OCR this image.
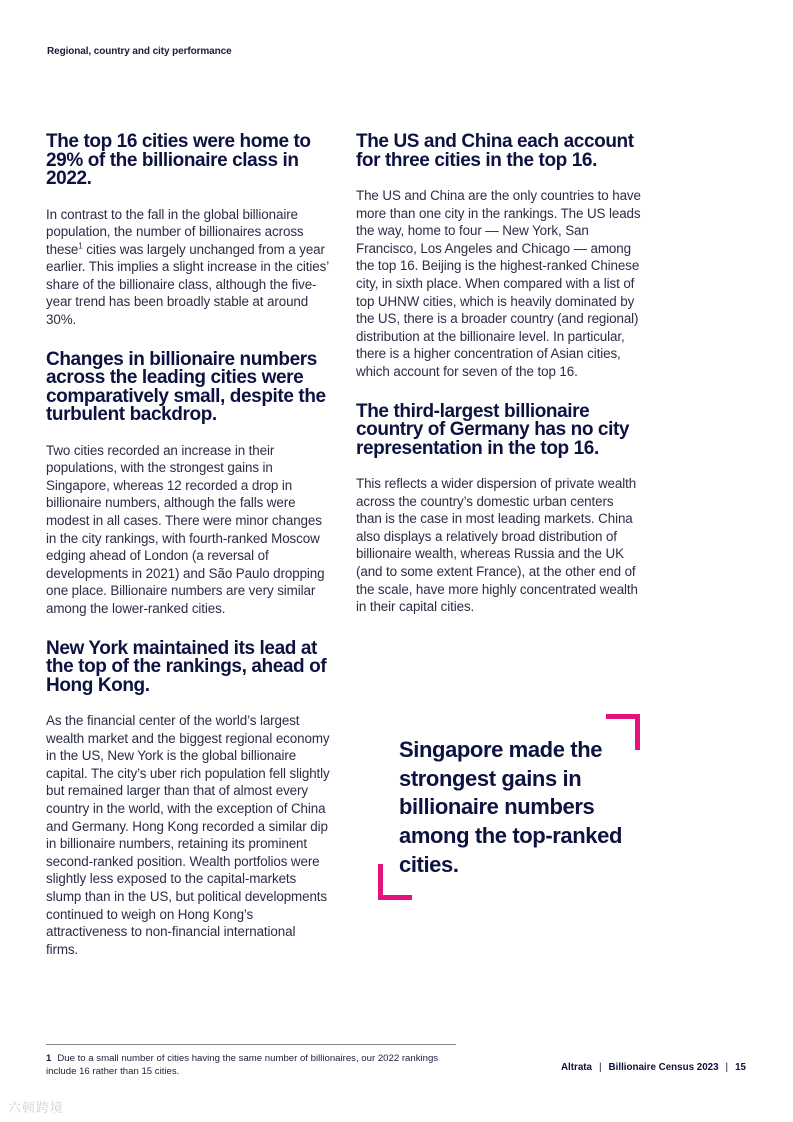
Regional, country and city performance
The top 16 cities were home to 29% of the billionaire class in 2022.

In contrast to the fall in the global billionaire population, the number of billionaires across these$^1$ cities was largely unchanged from a year earlier. This implies a slight increase in the cities’ share of the billionaire class, although the five-year trend has been broadly stable at around 30%.

Changes in billionaire numbers across the leading cities were comparatively small, despite the turbulent backdrop.

Two cities recorded an increase in their populations, with the strongest gains in Singapore, whereas 12 recorded a drop in billionaire numbers, although the falls were modest in all cases. There were minor changes in the city rankings, with fourth-ranked Moscow edging ahead of London (a reversal of developments in 2021) and São Paulo dropping one place. Billionaire numbers are very similar among the lower-ranked cities.

New York maintained its lead at the top of the rankings, ahead of Hong Kong.

As the financial center of the world’s largest wealth market and the biggest regional economy in the US, New York is the global billionaire capital. The city’s uber rich population fell slightly but remained larger than that of almost every country in the world, with the exception of China and Germany. Hong Kong recorded a similar dip in billionaire numbers, retaining its prominent second-ranked position. Wealth portfolios were slightly less exposed to the capital-markets slump than in the US, but political developments continued to weigh on Hong Kong’s attractiveness to non-financial international firms.

The US and China each account for three cities in the top 16.

The US and China are the only countries to have more than one city in the rankings. The US leads the way, home to four — New York, San Francisco, Los Angeles and Chicago — among the top 16. Beijing is the highest-ranked Chinese city, in sixth place. When compared with a list of top UHNW cities, which is heavily dominated by the US, there is a broader country (and regional) distribution at the billionaire level. In particular, there is a higher concentration of Asian cities, which account for seven of the top 16.

The third-largest billionaire country of Germany has no city representation in the top 16.

This reflects a wider dispersion of private wealth across the country’s domestic urban centers than is the case in most leading markets. China also displays a relatively broad distribution of billionaire wealth, whereas Russia and the UK (and to some extent France), at the other end of the scale, have more highly concentrated wealth in their capital cities.

Singapore made the strongest gains in billionaire numbers among the top-ranked cities.

1 Due to a small number of cities having the same number of billionaires, our 2022 rankings include 16 rather than 15 cities.	Altrata | Billionaire Census 2023 | 15
六顿跨境
